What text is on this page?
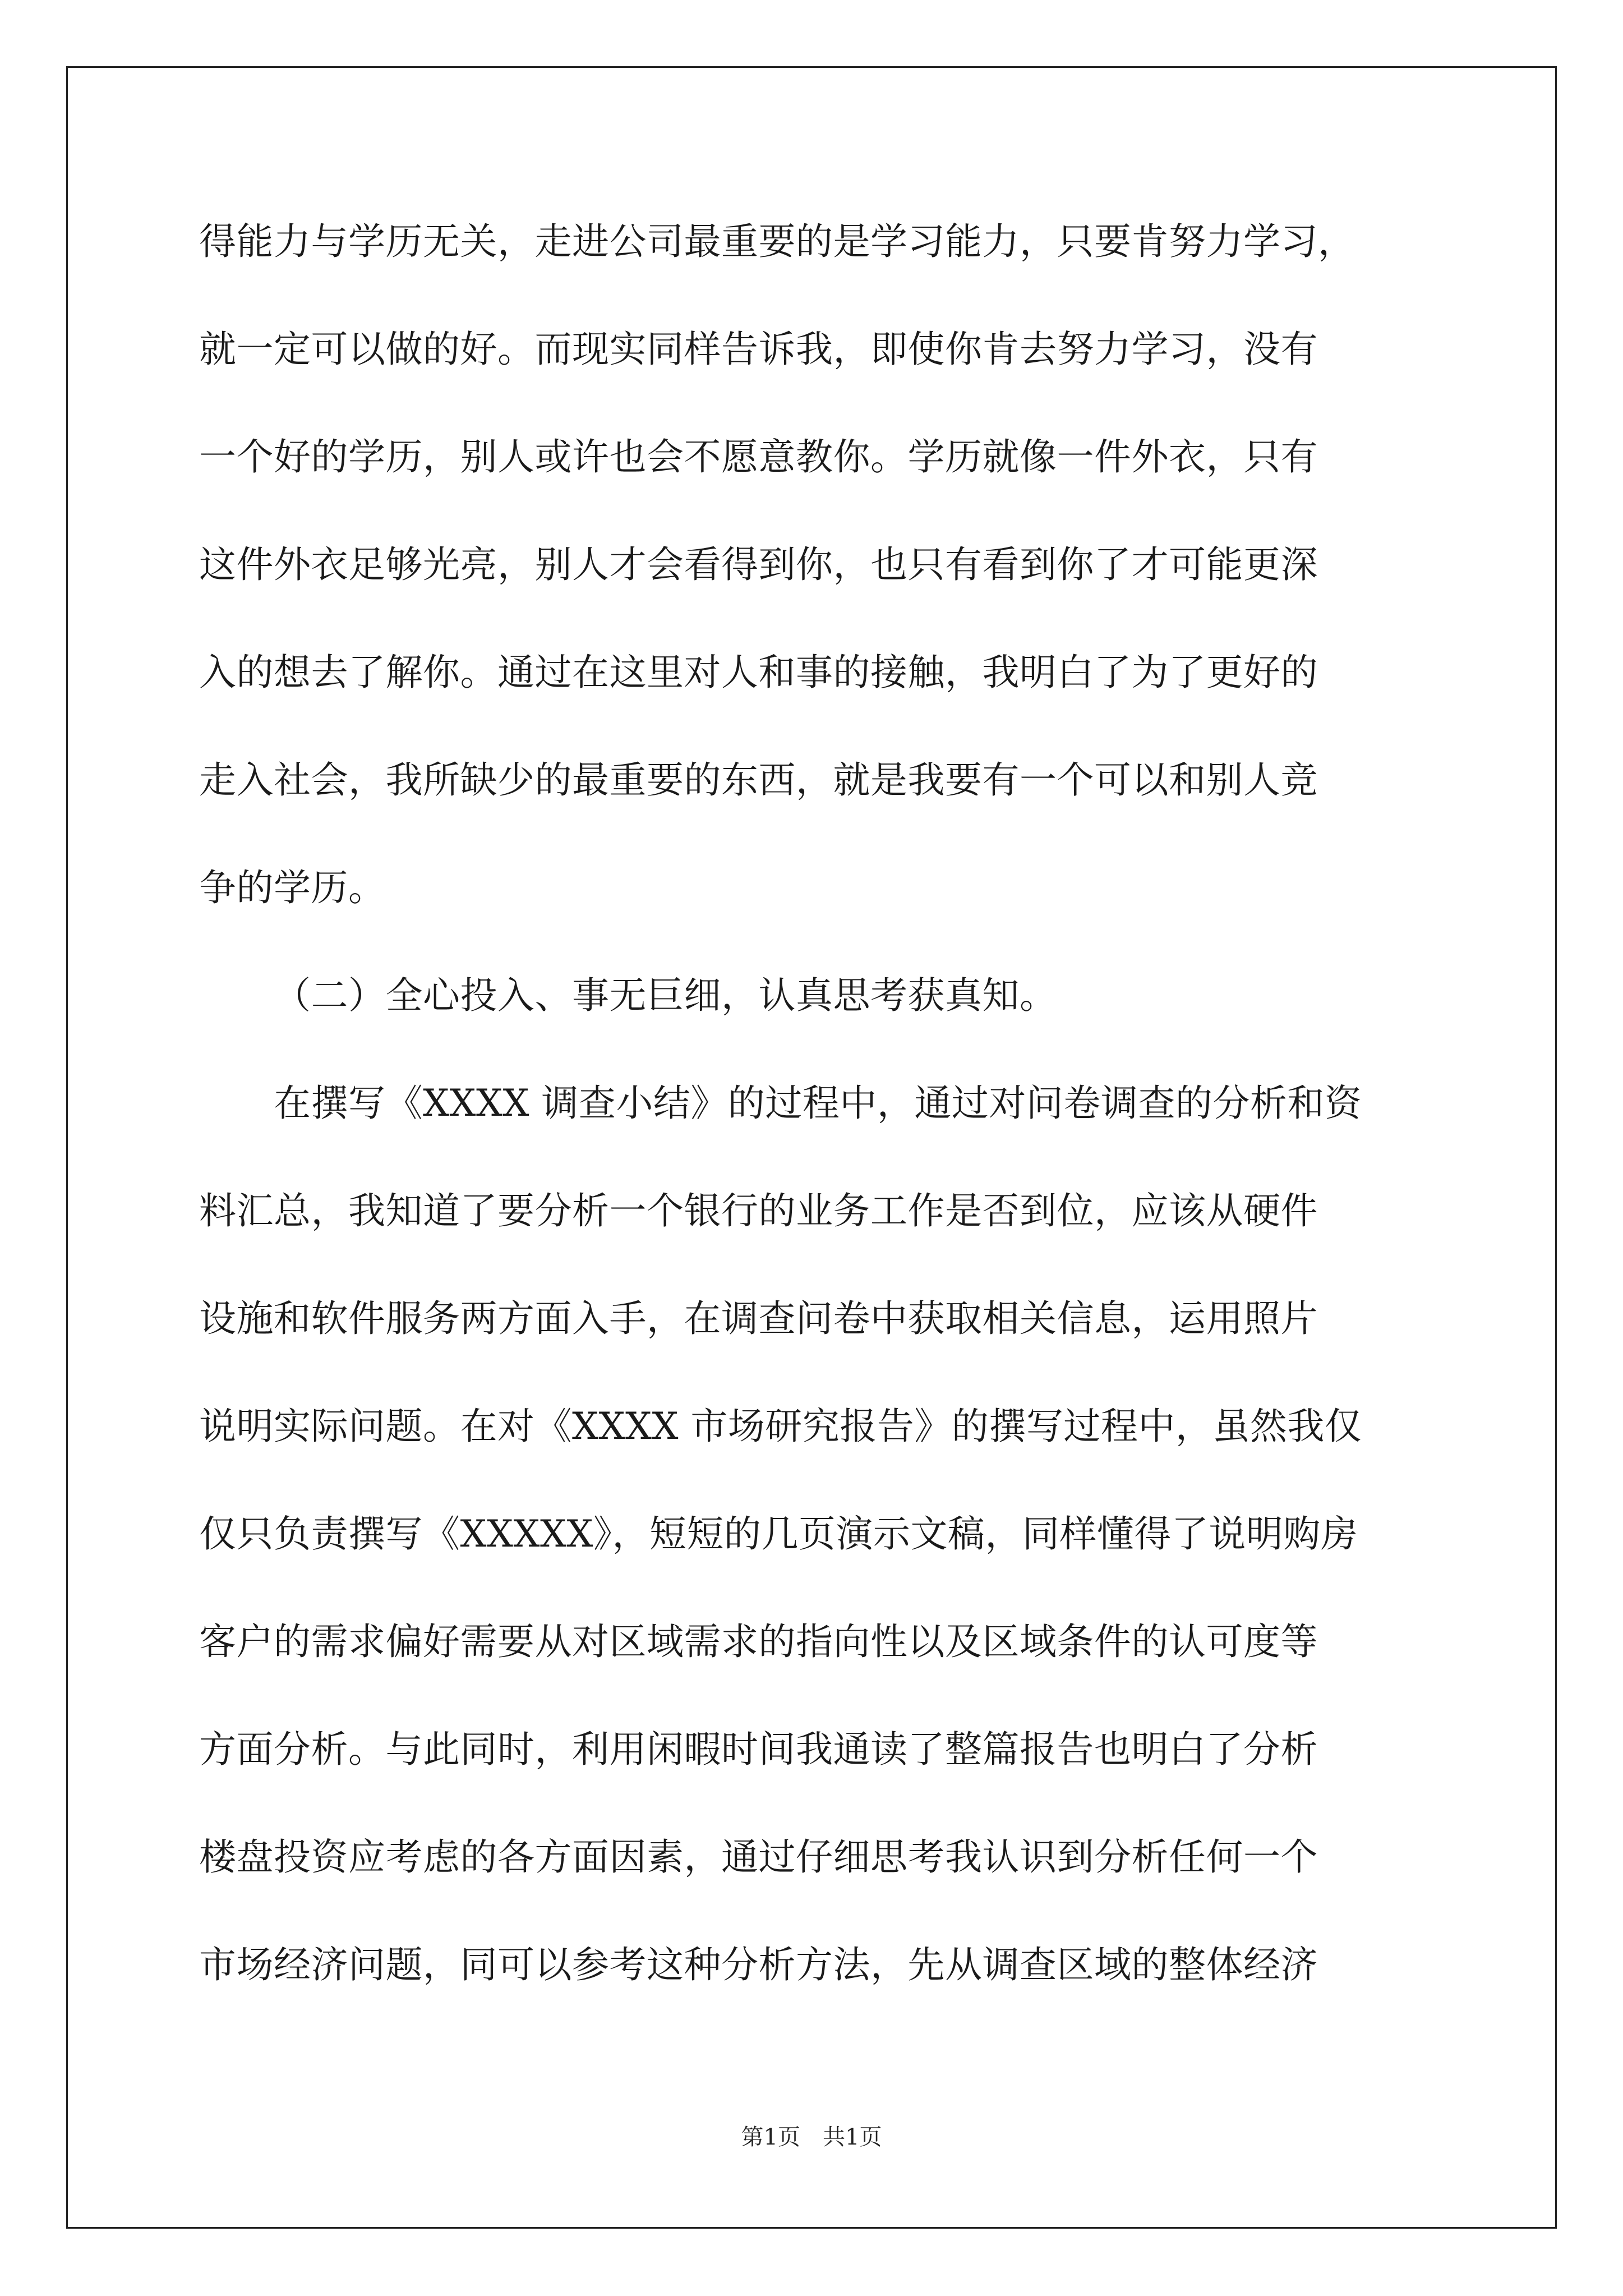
得能力与学历无关，走进公司最重要的是学习能力，只要肯努力学习，
就一定可以做的好。而现实同样告诉我，即使你肯去努力学习，没有
一个好的学历，别人或许也会不愿意教你。学历就像一件外衣，只有
这件外衣足够光亮，别人才会看得到你，也只有看到你了才可能更深
入的想去了解你。通过在这里对人和事的接触，我明白了为了更好的
走入社会，我所缺少的最重要的东西，就是我要有一个可以和别人竞
争的学历。
（二）全心投入、事无巨细，认真思考获真知。
在撰写《XXXX 调查小结》的过程中，通过对问卷调查的分析和资
料汇总，我知道了要分析一个银行的业务工作是否到位，应该从硬件
设施和软件服务两方面入手，在调查问卷中获取相关信息，运用照片
说明实际问题。在对《XXXX 市场研究报告》的撰写过程中，虽然我仅
仅只负责撰写《XXXXX》，短短的几页演示文稿，同样懂得了说明购房
客户的需求偏好需要从对区域需求的指向性以及区域条件的认可度等
方面分析。与此同时，利用闲暇时间我通读了整篇报告也明白了分析
楼盘投资应考虑的各方面因素，通过仔细思考我认识到分析任何一个
市场经济问题，同可以参考这种分析方法，先从调查区域的整体经济
第1页　共1页
